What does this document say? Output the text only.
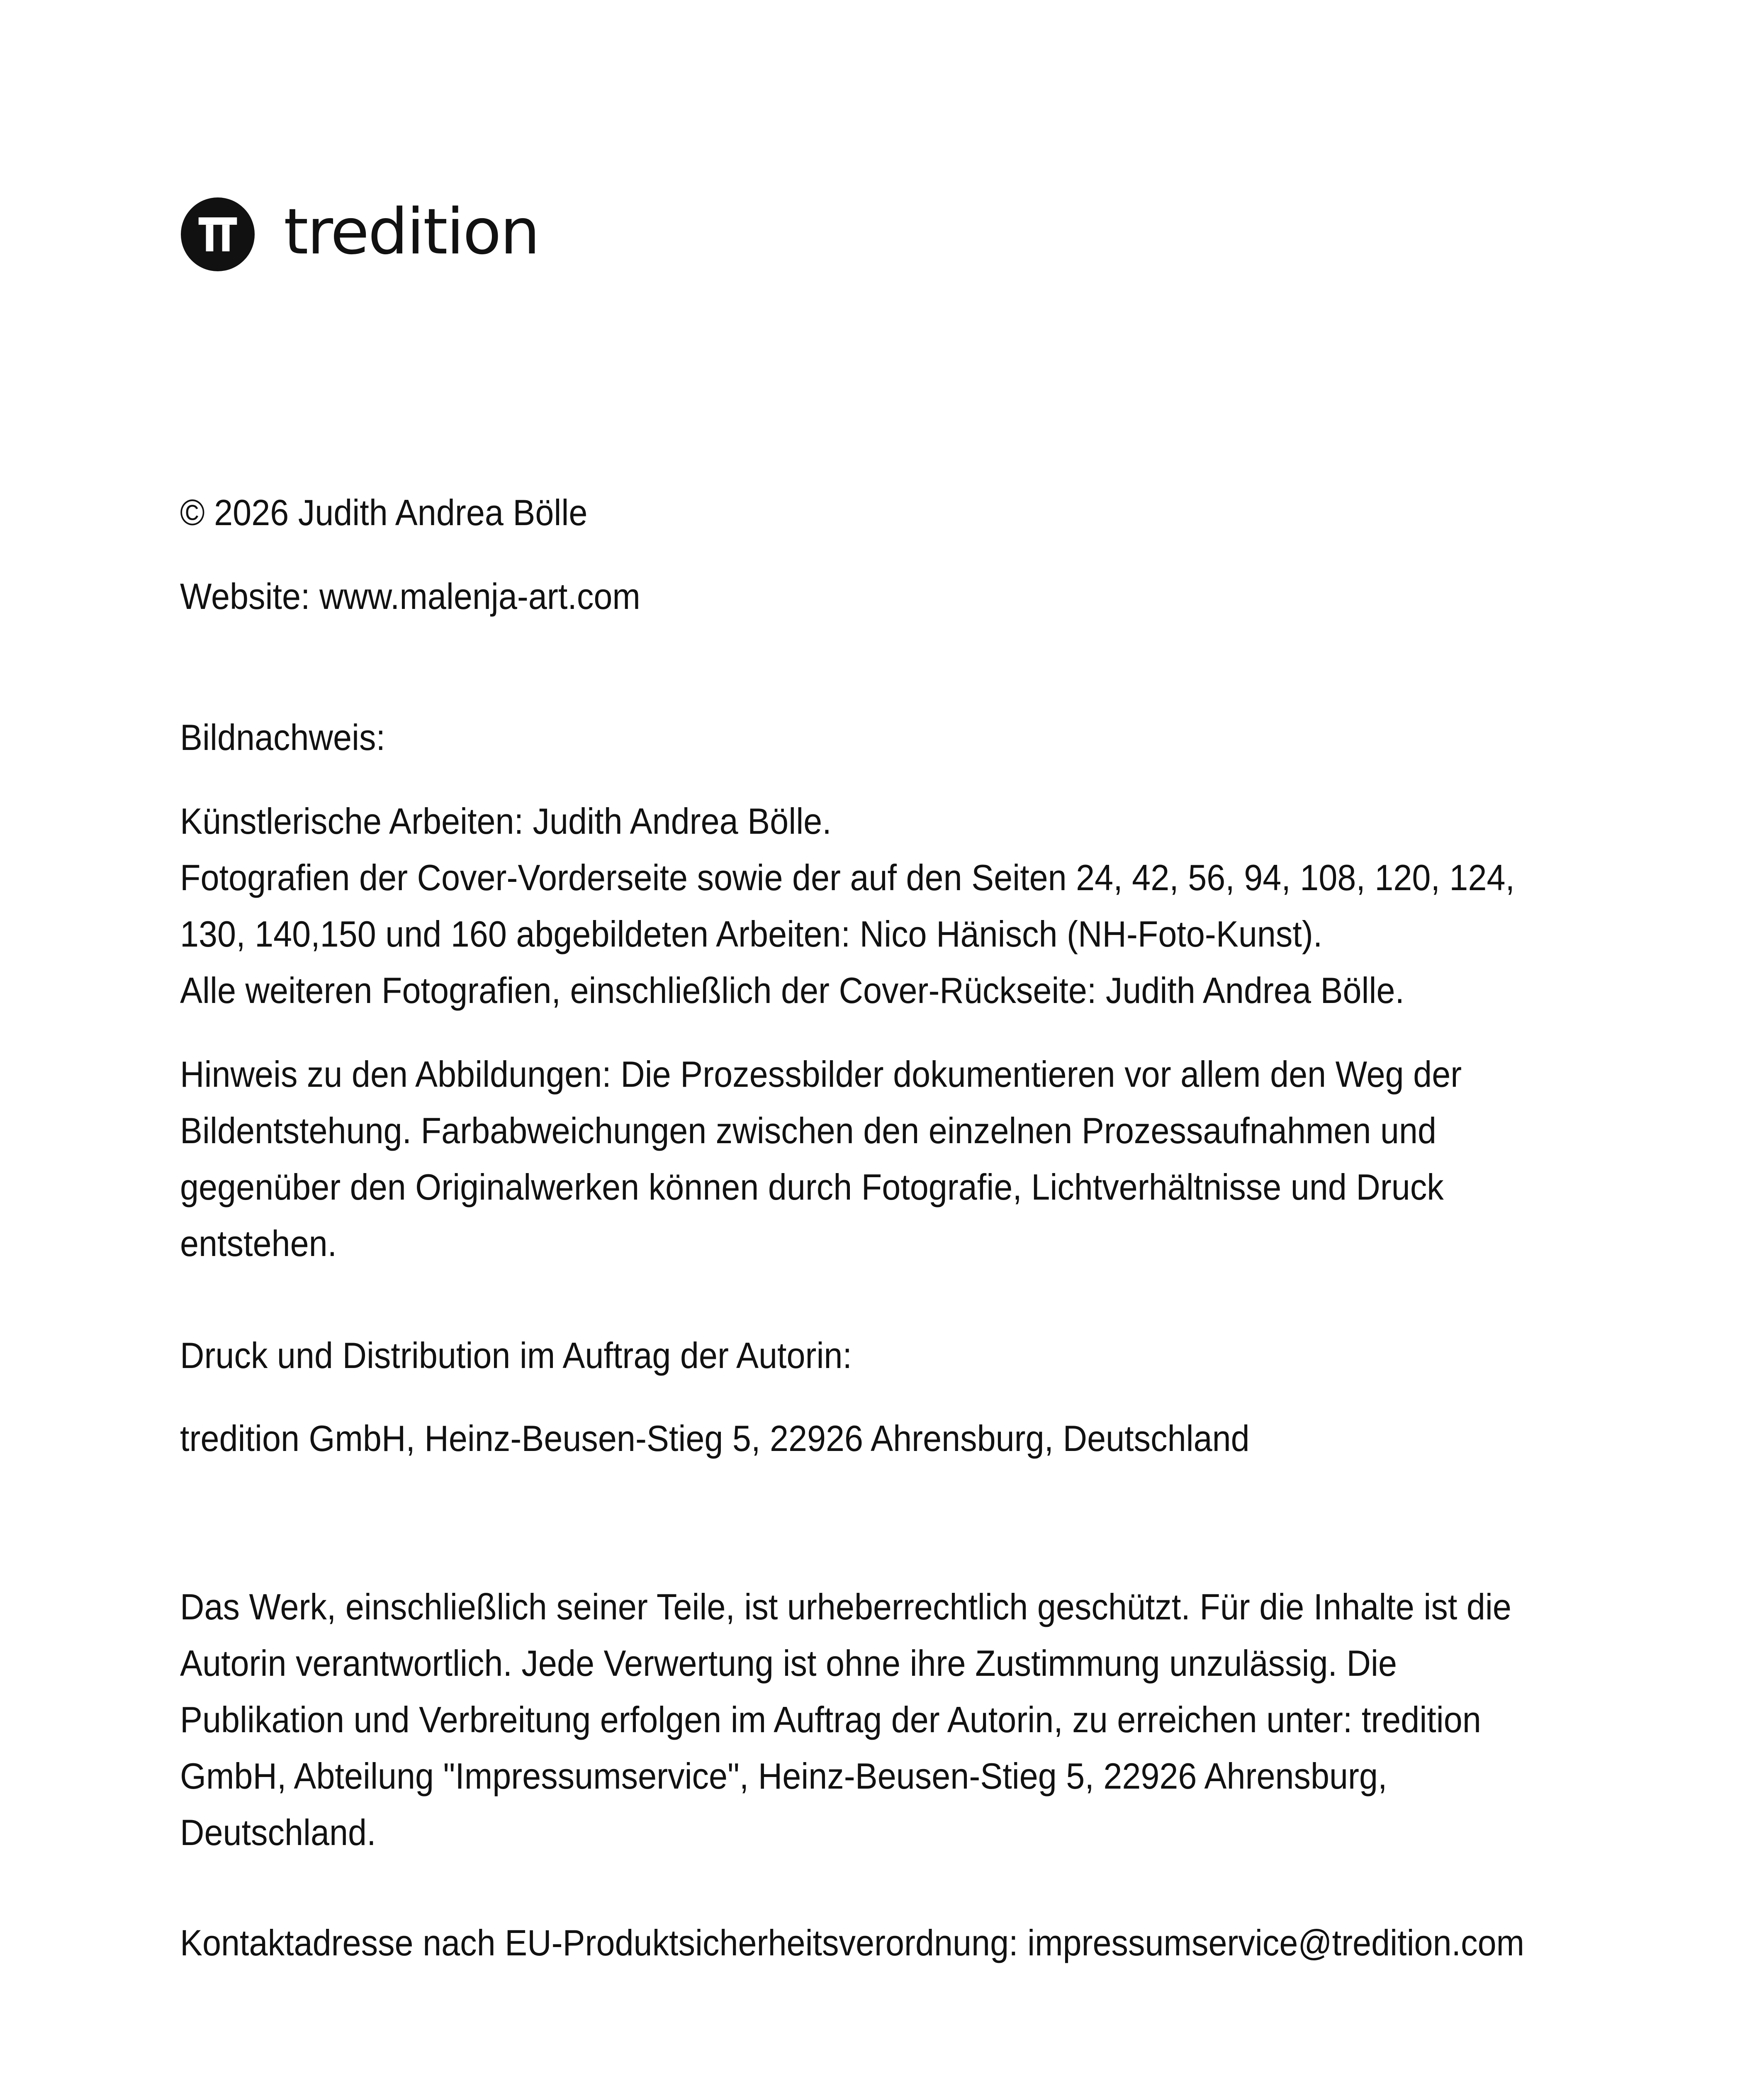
tredition
© 2026 Judith Andrea Bölle
Website: www.malenja-art.com
Bildnachweis:
Künstlerische Arbeiten: Judith Andrea Bölle.
Fotografien der Cover-Vorderseite sowie der auf den Seiten 24, 42, 56, 94, 108, 120, 124,
130, 140,150 und 160 abgebildeten Arbeiten: Nico Hänisch (NH-Foto-Kunst).
Alle weiteren Fotografien, einschließlich der Cover-Rückseite: Judith Andrea Bölle.
Hinweis zu den Abbildungen: Die Prozessbilder dokumentieren vor allem den Weg der
Bildentstehung. Farbabweichungen zwischen den einzelnen Prozessaufnahmen und
gegenüber den Originalwerken können durch Fotografie, Lichtverhältnisse und Druck
entstehen.
Druck und Distribution im Auftrag der Autorin:
tredition GmbH, Heinz-Beusen-Stieg 5, 22926 Ahrensburg, Deutschland
Das Werk, einschließlich seiner Teile, ist urheberrechtlich geschützt. Für die Inhalte ist die
Autorin verantwortlich. Jede Verwertung ist ohne ihre Zustimmung unzulässig. Die
Publikation und Verbreitung erfolgen im Auftrag der Autorin, zu erreichen unter: tredition
GmbH, Abteilung "Impressumservice", Heinz-Beusen-Stieg 5, 22926 Ahrensburg,
Deutschland.
Kontaktadresse nach EU-Produktsicherheitsverordnung: impressumservice@tredition.com
